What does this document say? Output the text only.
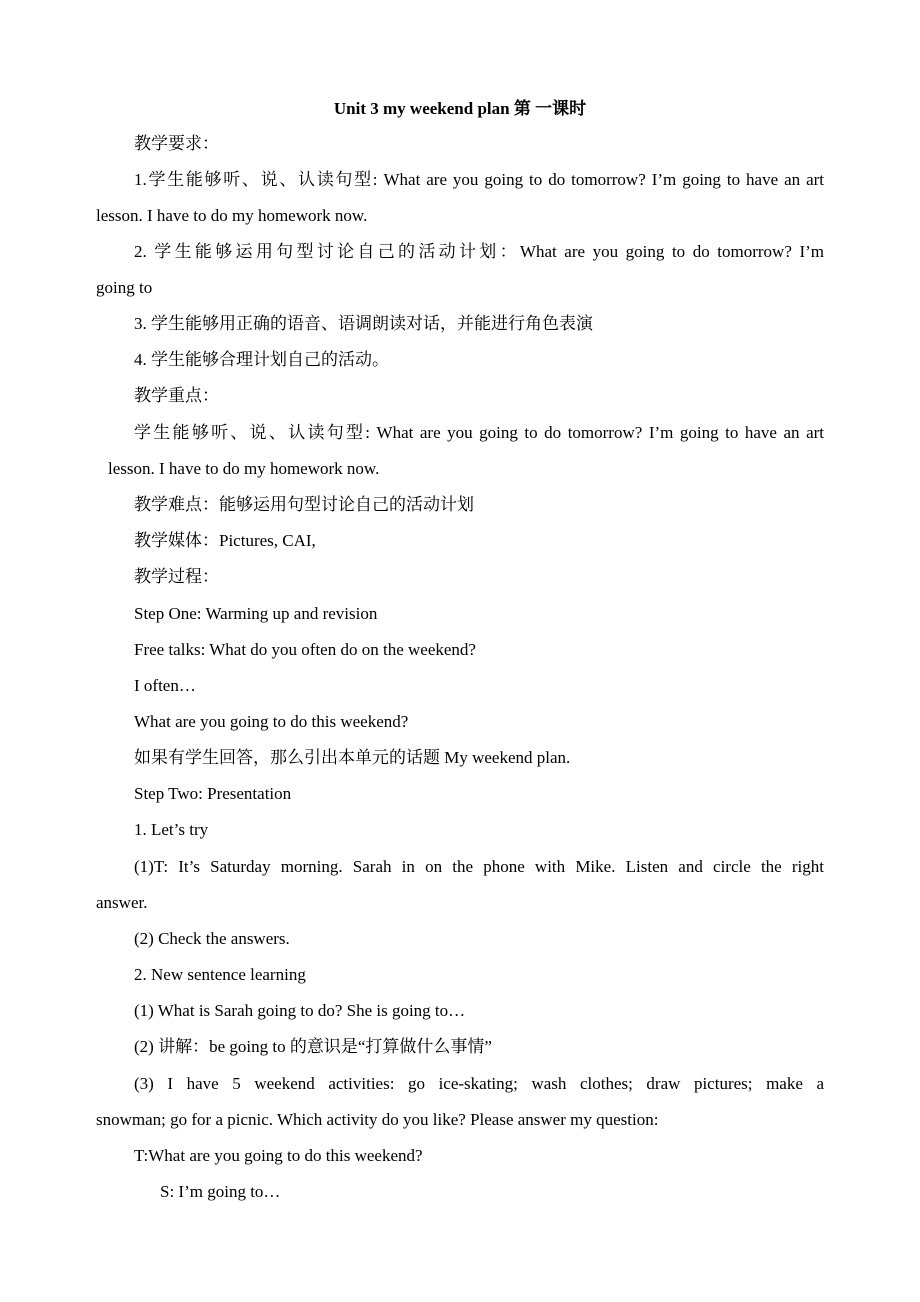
Unit 3 my weekend plan 第 一课时
教学要求：
1.学生能够听、说、认读句型: What are you going to do tomorrow? I’m going to have an art
lesson. I have to do my homework now.
2. 学生能够运用句型讨论自己的活动计划：What are you going to do tomorrow? I’m
going to
3. 学生能够用正确的语音、语调朗读对话，并能进行角色表演
4. 学生能够合理计划自己的活动。
教学重点：
学生能够听、说、认读句型: What are you going to do tomorrow? I’m going to have an art
lesson. I have to do my homework now.
教学难点：能够运用句型讨论自己的活动计划
教学媒体：Pictures, CAI,
教学过程：
Step One: Warming up and revision
Free talks: What do you often do on the weekend?
I often…
What are you going to do this weekend?
如果有学生回答，那么引出本单元的话题 My weekend plan.
Step Two: Presentation
1. Let’s try
(1)T: It’s Saturday morning. Sarah in on the phone with Mike. Listen and circle the right
answer.
(2) Check the answers.
2. New sentence learning
(1) What is Sarah going to do? She is going to…
(2) 讲解：be going to 的意识是“打算做什么事情”
(3) I have 5 weekend activities: go ice-skating; wash clothes; draw pictures; make a
snowman; go for a picnic. Which activity do you like? Please answer my question:
T:What are you going to do this weekend?
S: I’m going to…
